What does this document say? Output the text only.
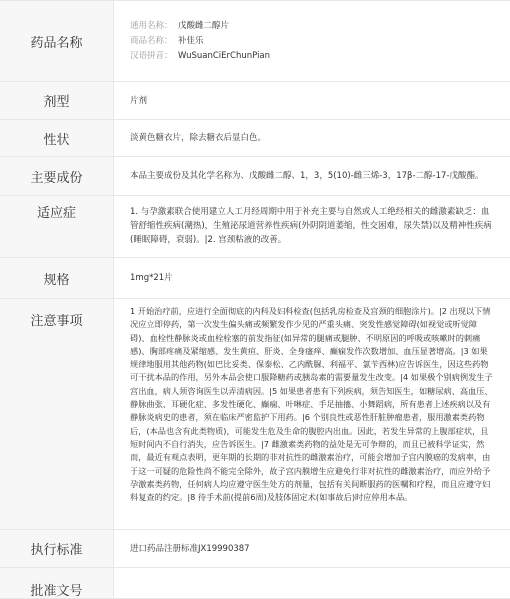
药品名称
通用名称： 戊酸雌二醇片
商品名称： 补佳乐
汉语拼音： WuSuanCiErChunPian
剂型	片剂
性状	淡黄色糖衣片，除去糖衣后显白色。
主要成份	本品主要成份及其化学名称为、戊酸雌二醇、1，3，5(10)-雌三烯-3，17β-二醇-17-戊酸酯。
适应症	1. 与孕激素联合使用建立人工月经周期中用于补充主要与自然或人工绝经相关的雌激素缺乏：血管舒缩性疾病(潮热)，生殖泌尿道营养性疾病(外阴阴道萎缩，性交困难，尿失禁)以及精神性疾病(睡眠障碍，衰弱)。|2. 宫颈粘液的改善。
规格	1mg*21片
注意事项
1 开始治疗前，应进行全面彻底的内科及妇科检查(包括乳房检查及宫颈的细胞涂片)。|2 出现以下情况应立即停药，第一次发生偏头痛或频繁发作少见的严重头痛、突发性感觉障碍(如视觉或听觉障碍)、血栓性静脉炎或血栓栓塞的前发指征(如异常的腿痛或腿肿、不明原因的呼吸或咳嗽时的刺痛感)、胸部疼痛及紧缩感、发生黄疸、肝炎、全身瘙痒、癫痫发作次数增加、血压显著增高。|3 如果规律地服用其他药物(如巴比妥类、保泰松、乙内酰脲、利福平、氯苄西林)应告诉医生，因这些药物可干扰本品的作用，另外本品会使口服降糖药或胰岛素的需要量发生改变。|4 如果极个别病例发生子宫出血，病人须咨询医生以弄清病因。|5 如果患者患有下列疾病，须告知医生，如糖尿病、高血压、静脉曲张、耳硬化症、多发性硬化、癫痫、叶啉症、手足抽搐、小舞蹈病，所有患者上述疾病以及有静脉炎病史的患者，须在临床严密监护下用药。|6 个别良性或恶性肝脏肿瘤患者，服用激素类药物后，(本品也含有此类物质)，可能发生危及生命的腹腔内出血。因此，若发生异常的上腹部症状，且短时间内不自行消失，应告诉医生。|7 雌激素类药物的益处是无可争辩的，而且已被科学证实，然而，最近有观点表明，更年期的长期的非对抗性的雌激素治疗，可能会增加子宫内膜癌的发病率，由于这一可疑的危险性尚不能完全除外，故子宫内膜增生应避免行非对抗性的雌激素治疗，而应外给予孕激素类药物，任何病人均应遵守医生处方的剂量，包括有关间断服药的医嘱和疗程，而且应遵守妇科复查的约定。|8 待手术前(提前6周)及肢体固定术(如事故后)时应停用本品。
执行标准	进口药品注册标准JX19990387
批准文号
